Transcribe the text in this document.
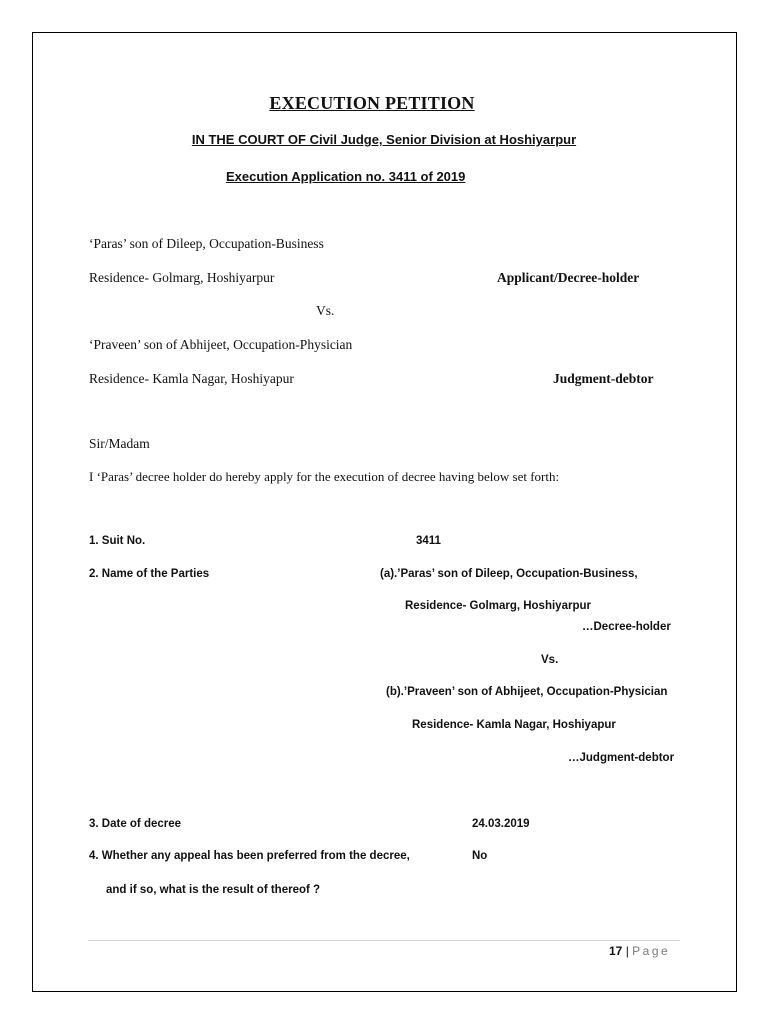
EXECUTION PETITION
IN THE COURT OF Civil Judge, Senior Division at Hoshiyarpur
Execution Application no. 3411 of 2019
‘Paras’ son of Dileep, Occupation-Business
Residence- Golmarg, Hoshiyarpur	Applicant/Decree-holder
Vs.
‘Praveen’ son of Abhijeet, Occupation-Physician
Residence- Kamla Nagar, Hoshiyapur	Judgment-debtor
Sir/Madam
I ‘Paras’ decree holder do hereby apply for the execution of decree having below set forth:
1. Suit No.	3411
2. Name of the Parties	(a).’Paras’ son of Dileep, Occupation-Business,
Residence- Golmarg, Hoshiyarpur
…Decree-holder
Vs.
(b).’Praveen’ son of Abhijeet, Occupation-Physician
Residence- Kamla Nagar, Hoshiyapur
…Judgment-debtor
3. Date of decree	24.03.2019
4. Whether any appeal has been preferred from the decree,	No
and if so, what is the result of thereof ?
17 | Page
